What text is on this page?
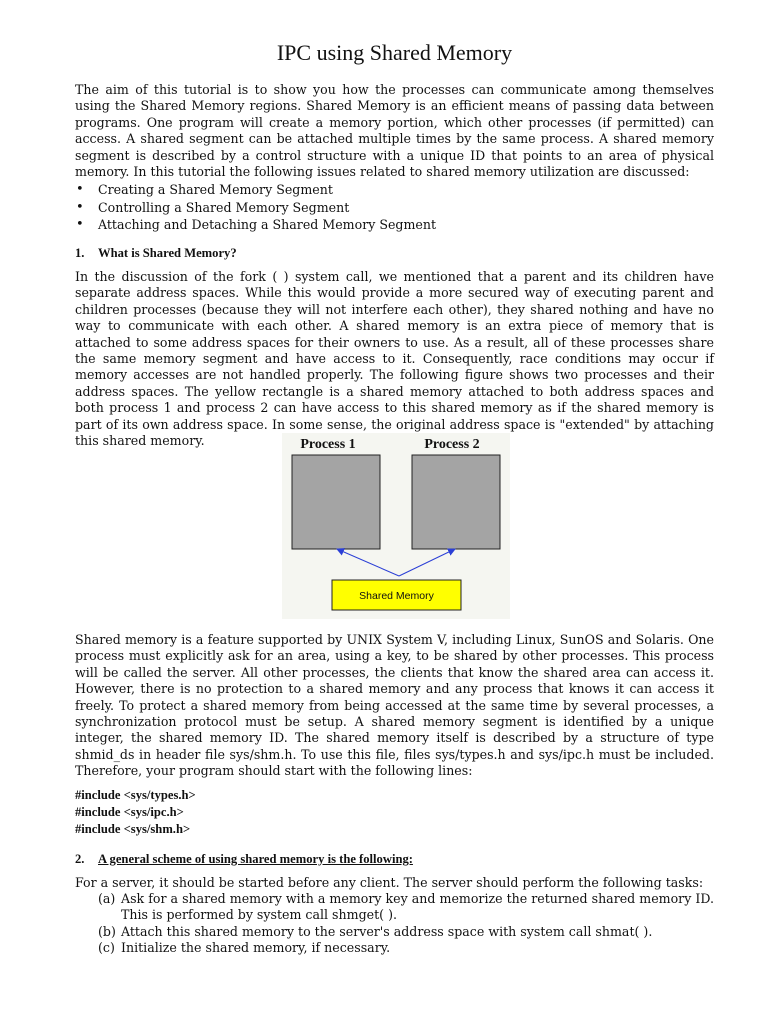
IPC using Shared Memory

The aim of this tutorial is to show you how the processes can communicate among themselves using the Shared Memory regions. Shared Memory is an efficient means of passing data between programs. One program will create a memory portion, which other processes (if permitted) can access. A shared segment can be attached multiple times by the same process. A shared memory segment is described by a control structure with a unique ID that points to an area of physical memory. In this tutorial the following issues related to shared memory utilization are discussed:

• Creating a Shared Memory Segment
• Controlling a Shared Memory Segment
• Attaching and Detaching a Shared Memory Segment
1. What is Shared Memory?

In the discussion of the fork ( ) system call, we mentioned that a parent and its children have separate address spaces. While this would provide a more secured way of executing parent and children processes (because they will not interfere each other), they shared nothing and have no way to communicate with each other. A shared memory is an extra piece of memory that is attached to some address spaces for their owners to use. As a result, all of these processes share the same memory segment and have access to it. Consequently, race conditions may occur if memory accesses are not handled properly. The following figure shows two processes and their address spaces. The yellow rectangle is a shared memory attached to both address spaces and both process 1 and process 2 can have access to this shared memory as if the shared memory is part of its own address space. In some sense, the original address space is "extended" by attaching this shared memory.	Process 1	Process 2
Shared Memory

Shared memory is a feature supported by UNIX System V, including Linux, SunOS and Solaris. One process must explicitly ask for an area, using a key, to be shared by other processes. This process will be called the server. All other processes, the clients that know the shared area can access it. However, there is no protection to a shared memory and any process that knows it can access it freely. To protect a shared memory from being accessed at the same time by several processes, a synchronization protocol must be setup. A shared memory segment is identified by a unique integer, the shared memory ID. The shared memory itself is described by a structure of type shmid_ds in header file sys/shm.h. To use this file, files sys/types.h and sys/ipc.h must be included. Therefore, your program should start with the following lines:

#include <sys/types.h>
#include <sys/ipc.h>
#include <sys/shm.h>
2. A general scheme of using shared memory is the following:

For a server, it should be started before any client. The server should perform the following tasks:

(a) Ask for a shared memory with a memory key and memorize the returned shared memory ID. This is performed by system call shmget( ).
(b) Attach this shared memory to the server's address space with system call shmat( ).
(c) Initialize the shared memory, if necessary.
